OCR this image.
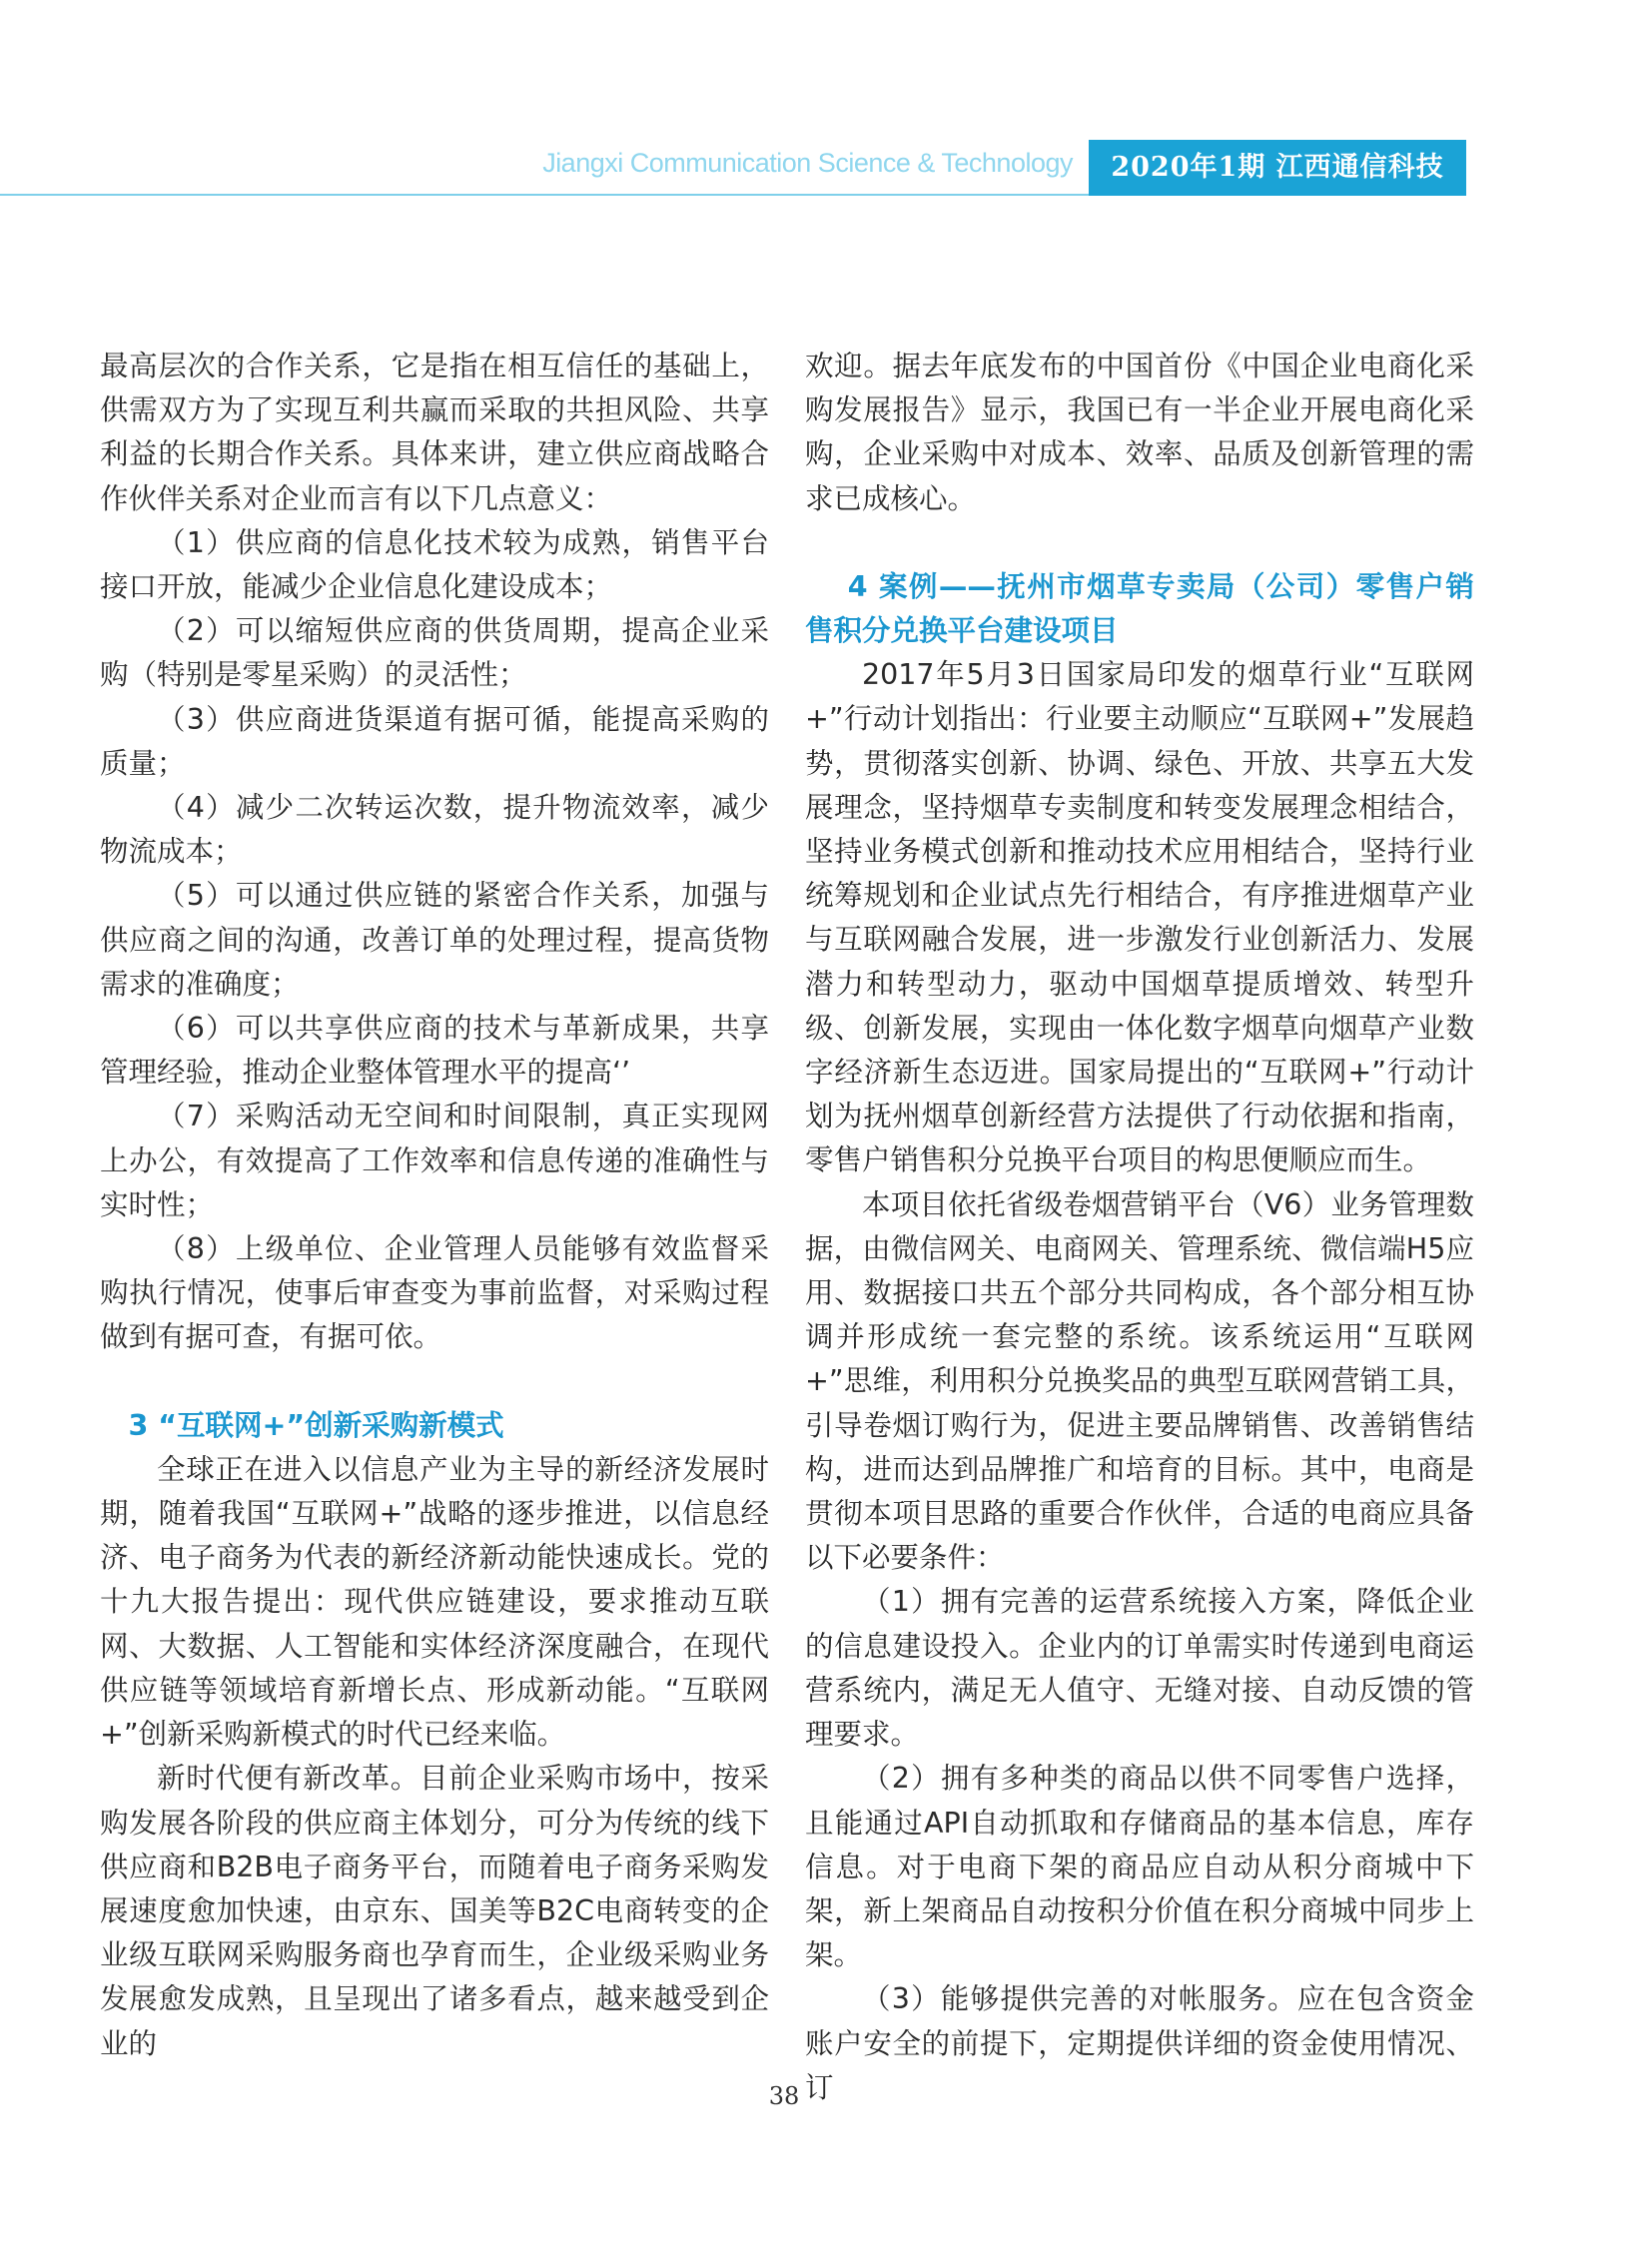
Jiangxi Communication Science & Technology	2020年1期 江西通信科技

最高层次的合作关系，它是指在相互信任的基础上，供需双方为了实现互利共赢而采取的共担风险、共享利益的长期合作关系。具体来讲，建立供应商战略合作伙伴关系对企业而言有以下几点意义：

（1）供应商的信息化技术较为成熟，销售平台接口开放，能减少企业信息化建设成本；

（2）可以缩短供应商的供货周期，提高企业采购（特别是零星采购）的灵活性；

（3）供应商进货渠道有据可循，能提高采购的质量；

（4）减少二次转运次数，提升物流效率，减少物流成本；

（5）可以通过供应链的紧密合作关系，加强与供应商之间的沟通，改善订单的处理过程，提高货物需求的准确度；

（6）可以共享供应商的技术与革新成果，共享管理经验，推动企业整体管理水平的提高‘’

（7）采购活动无空间和时间限制，真正实现网上办公，有效提高了工作效率和信息传递的准确性与实时性；

（8）上级单位、企业管理人员能够有效监督采购执行情况，使事后审查变为事前监督，对采购过程做到有据可查，有据可依。

3 “互联网+”创新采购新模式

全球正在进入以信息产业为主导的新经济发展时期，随着我国“互联网+”战略的逐步推进，以信息经济、电子商务为代表的新经济新动能快速成长。党的十九大报告提出：现代供应链建设，要求推动互联网、大数据、人工智能和实体经济深度融合，在现代供应链等领域培育新增长点、形成新动能。“互联网+”创新采购新模式的时代已经来临。

新时代便有新改革。目前企业采购市场中，按采购发展各阶段的供应商主体划分，可分为传统的线下供应商和B2B电子商务平台，而随着电子商务采购发展速度愈加快速，由京东、国美等B2C电商转变的企业级互联网采购服务商也孕育而生，企业级采购业务发展愈发成熟，且呈现出了诸多看点，越来越受到企业的

欢迎。据去年底发布的中国首份《中国企业电商化采购发展报告》显示，我国已有一半企业开展电商化采购，企业采购中对成本、效率、品质及创新管理的需求已成核心。

4 案例——抚州市烟草专卖局（公司）零售户销售积分兑换平台建设项目

2017年5月3日国家局印发的烟草行业“互联网+”行动计划指出：行业要主动顺应“互联网+”发展趋势，贯彻落实创新、协调、绿色、开放、共享五大发展理念，坚持烟草专卖制度和转变发展理念相结合，坚持业务模式创新和推动技术应用相结合，坚持行业统筹规划和企业试点先行相结合，有序推进烟草产业与互联网融合发展，进一步激发行业创新活力、发展潜力和转型动力，驱动中国烟草提质增效、转型升级、创新发展，实现由一体化数字烟草向烟草产业数字经济新生态迈进。国家局提出的“互联网+”行动计划为抚州烟草创新经营方法提供了行动依据和指南，零售户销售积分兑换平台项目的构思便顺应而生。

本项目依托省级卷烟营销平台（V6）业务管理数据，由微信网关、电商网关、管理系统、微信端H5应用、数据接口共五个部分共同构成，各个部分相互协调并形成统一套完整的系统。该系统运用“互联网+”思维，利用积分兑换奖品的典型互联网营销工具，引导卷烟订购行为，促进主要品牌销售、改善销售结构，进而达到品牌推广和培育的目标。其中，电商是贯彻本项目思路的重要合作伙伴，合适的电商应具备以下必要条件：

（1）拥有完善的运营系统接入方案，降低企业的信息建设投入。企业内的订单需实时传递到电商运营系统内，满足无人值守、无缝对接、自动反馈的管理要求。

（2）拥有多种类的商品以供不同零售户选择，且能通过API自动抓取和存储商品的基本信息，库存信息。对于电商下架的商品应自动从积分商城中下架，新上架商品自动按积分价值在积分商城中同步上架。

（3）能够提供完善的对帐服务。应在包含资金账户安全的前提下，定期提供详细的资金使用情况、订

38
